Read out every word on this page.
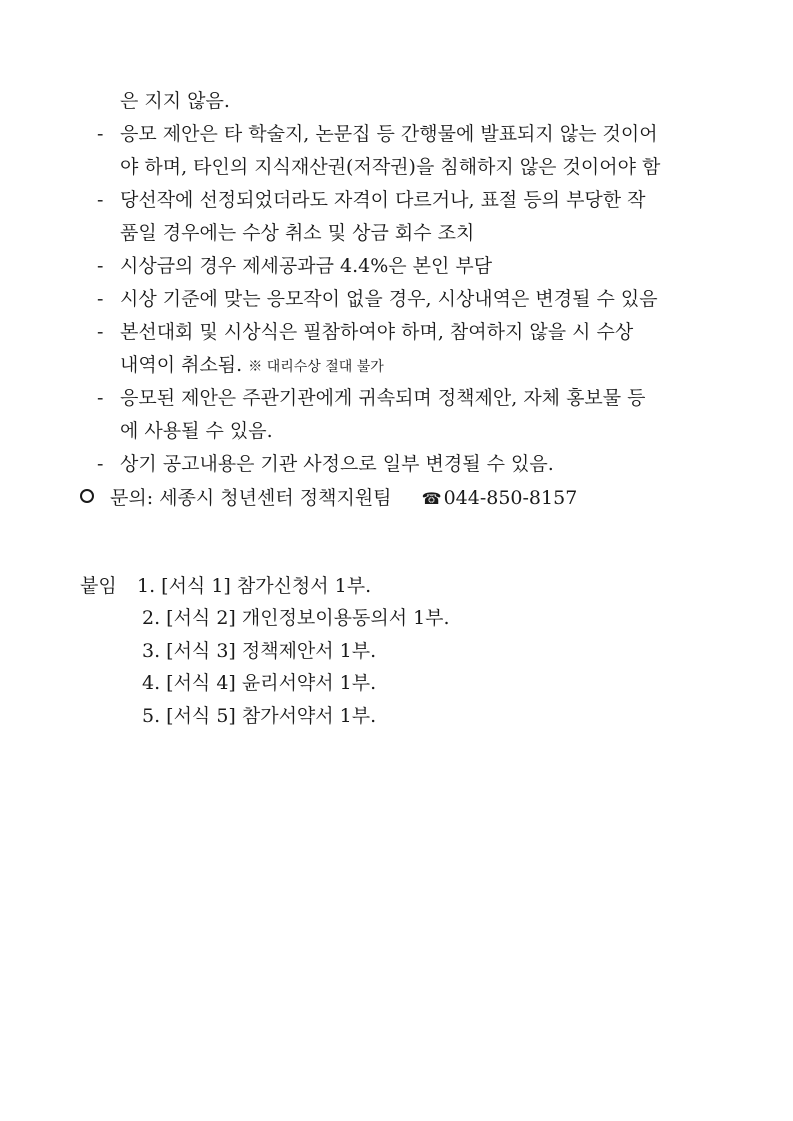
은 지지 않음.
- 응모 제안은 타 학술지, 논문집 등 간행물에 발표되지 않는 것이어
야 하며, 타인의 지식재산권(저작권)을 침해하지 않은 것이어야 함
- 당선작에 선정되었더라도 자격이 다르거나, 표절 등의 부당한 작
품일 경우에는 수상 취소 및 상금 회수 조치
- 시상금의 경우 제세공과금 4.4%은 본인 부담
- 시상 기준에 맞는 응모작이 없을 경우, 시상내역은 변경될 수 있음
- 본선대회 및 시상식은 필참하여야 하며, 참여하지 않을 시 수상
내역이 취소됨. ※ 대리수상 절대 불가
- 응모된 제안은 주관기관에게 귀속되며 정책제안, 자체 홍보물 등
에 사용될 수 있음.
- 상기 공고내용은 기관 사정으로 일부 변경될 수 있음.
문의: 세종시 청년센터 정책지원팀 ☎ 044-850-8157
붙임 1. [서식 1] 참가신청서 1부.
2. [서식 2] 개인정보이용동의서 1부.
3. [서식 3] 정책제안서 1부.
4. [서식 4] 윤리서약서 1부.
5. [서식 5] 참가서약서 1부.
